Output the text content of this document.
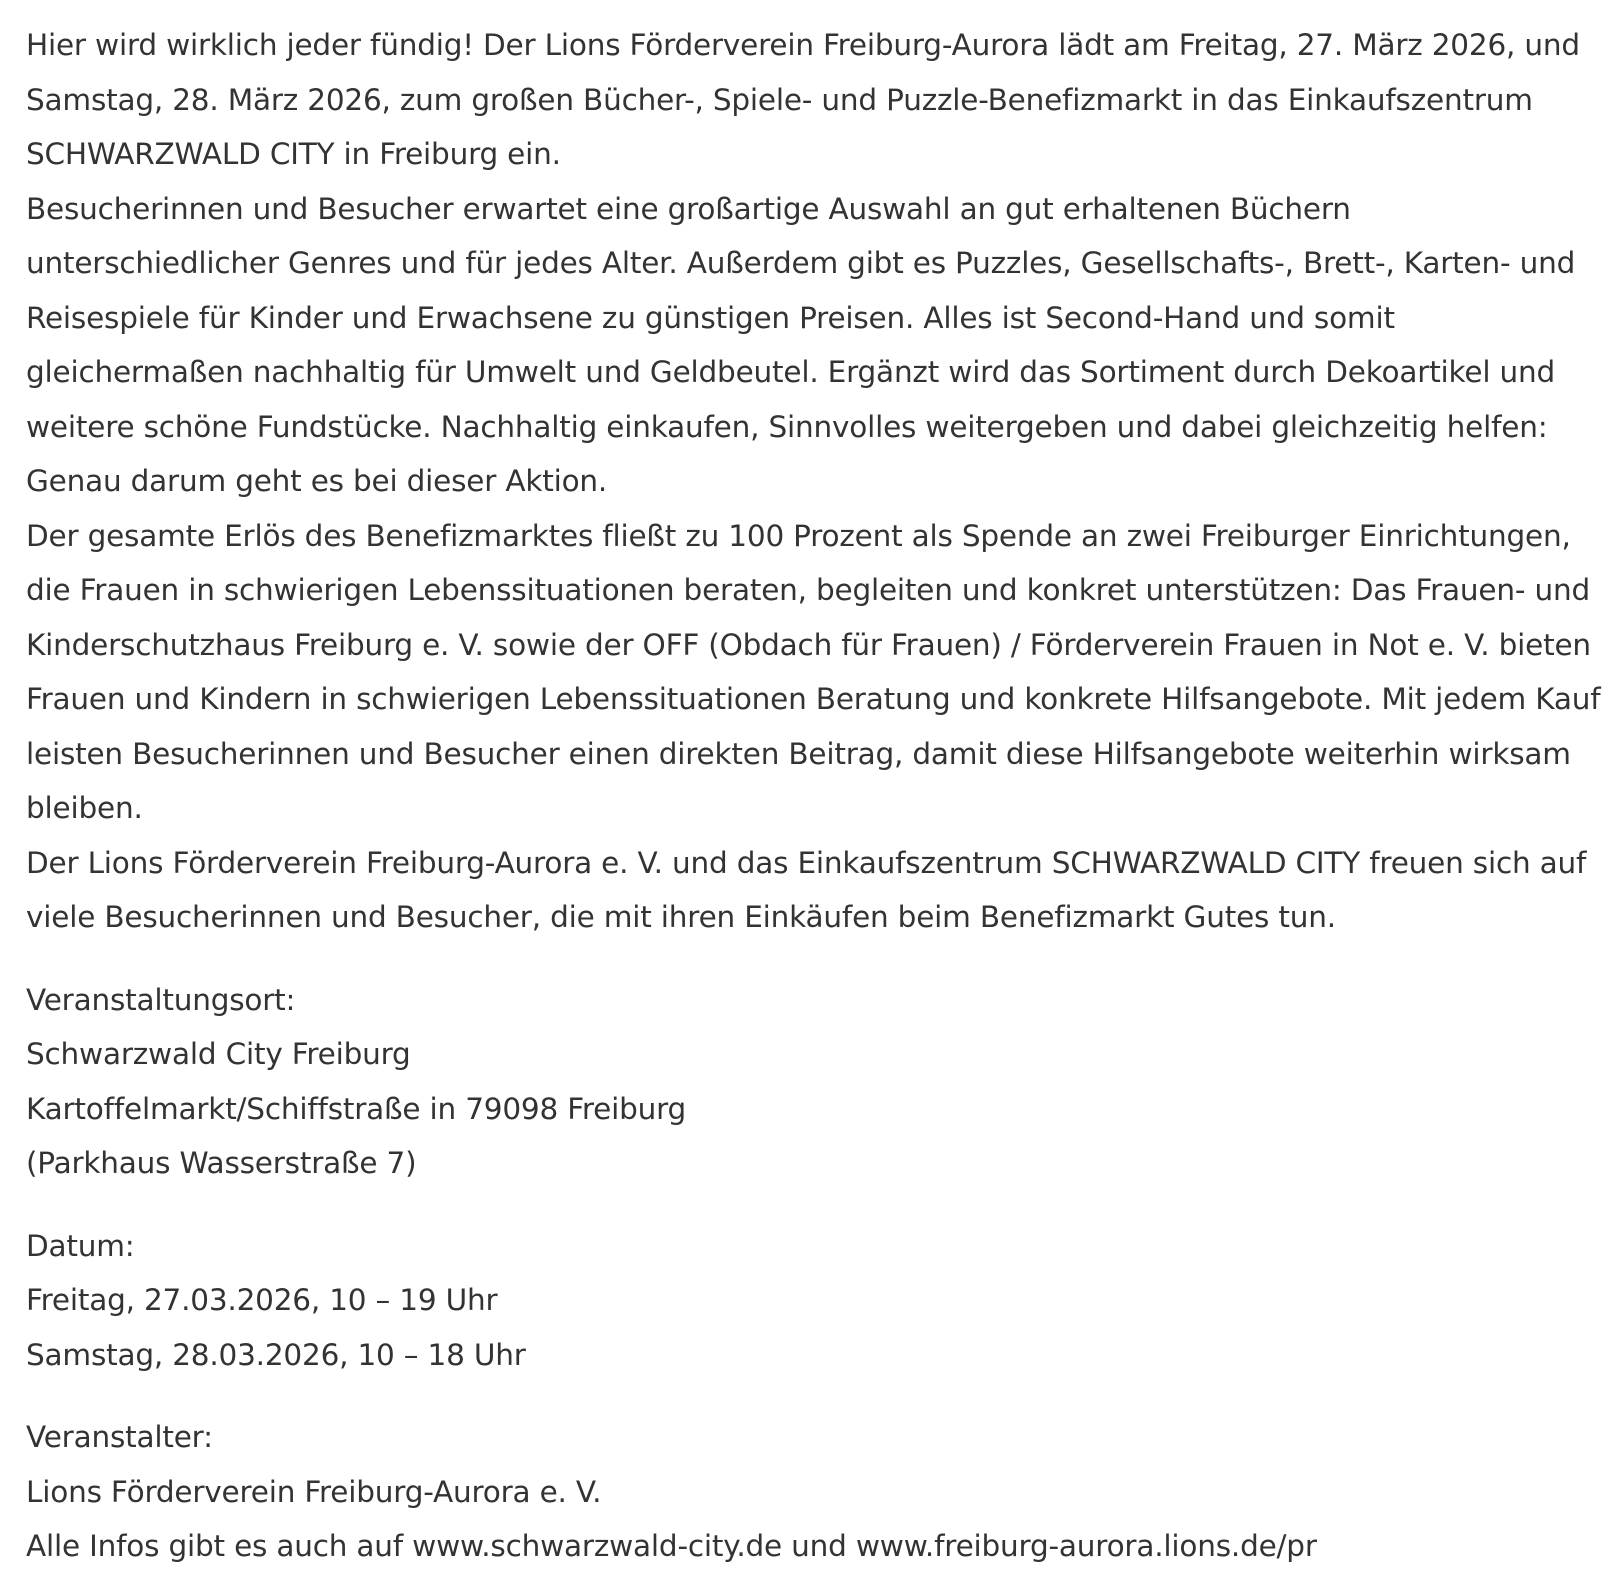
Hier wird wirklich jeder fündig! Der Lions Förderverein Freiburg-Aurora lädt am Freitag, 27. März 2026, und Samstag, 28. März 2026, zum großen Bücher-, Spiele- und Puzzle-Benefizmarkt in das Einkaufszentrum SCHWARZWALD CITY in Freiburg ein.

Besucherinnen und Besucher erwartet eine großartige Auswahl an gut erhaltenen Büchern unterschiedlicher Genres und für jedes Alter. Außerdem gibt es Puzzles, Gesellschafts-, Brett-, Karten- und Reisespiele für Kinder und Erwachsene zu günstigen Preisen. Alles ist Second-Hand und somit gleichermaßen nachhaltig für Umwelt und Geldbeutel. Ergänzt wird das Sortiment durch Dekoartikel und weitere schöne Fundstücke. Nachhaltig einkaufen, Sinnvolles weitergeben und dabei gleichzeitig helfen: Genau darum geht es bei dieser Aktion.

Der gesamte Erlös des Benefizmarktes fließt zu 100 Prozent als Spende an zwei Freiburger Einrichtungen, die Frauen in schwierigen Lebenssituationen beraten, begleiten und konkret unterstützen: Das Frauen- und Kinderschutzhaus Freiburg e. V. sowie der OFF (Obdach für Frauen) / Förderverein Frauen in Not e. V. bieten Frauen und Kindern in schwierigen Lebenssituationen Beratung und konkrete Hilfsangebote. Mit jedem Kauf leisten Besucherinnen und Besucher einen direkten Beitrag, damit diese Hilfsangebote weiterhin wirksam bleiben.

Der Lions Förderverein Freiburg-Aurora e. V. und das Einkaufszentrum SCHWARZWALD CITY freuen sich auf viele Besucherinnen und Besucher, die mit ihren Einkäufen beim Benefizmarkt Gutes tun.

Veranstaltungsort:
Schwarzwald City Freiburg
Kartoffelmarkt/Schiffstraße in 79098 Freiburg
(Parkhaus Wasserstraße 7)
Datum:
Freitag, 27.03.2026, 10 – 19 Uhr
Samstag, 28.03.2026, 10 – 18 Uhr
Veranstalter:
Lions Förderverein Freiburg-Aurora e. V.
Alle Infos gibt es auch auf www.schwarzwald-city.de und www.freiburg-aurora.lions.de/pr
